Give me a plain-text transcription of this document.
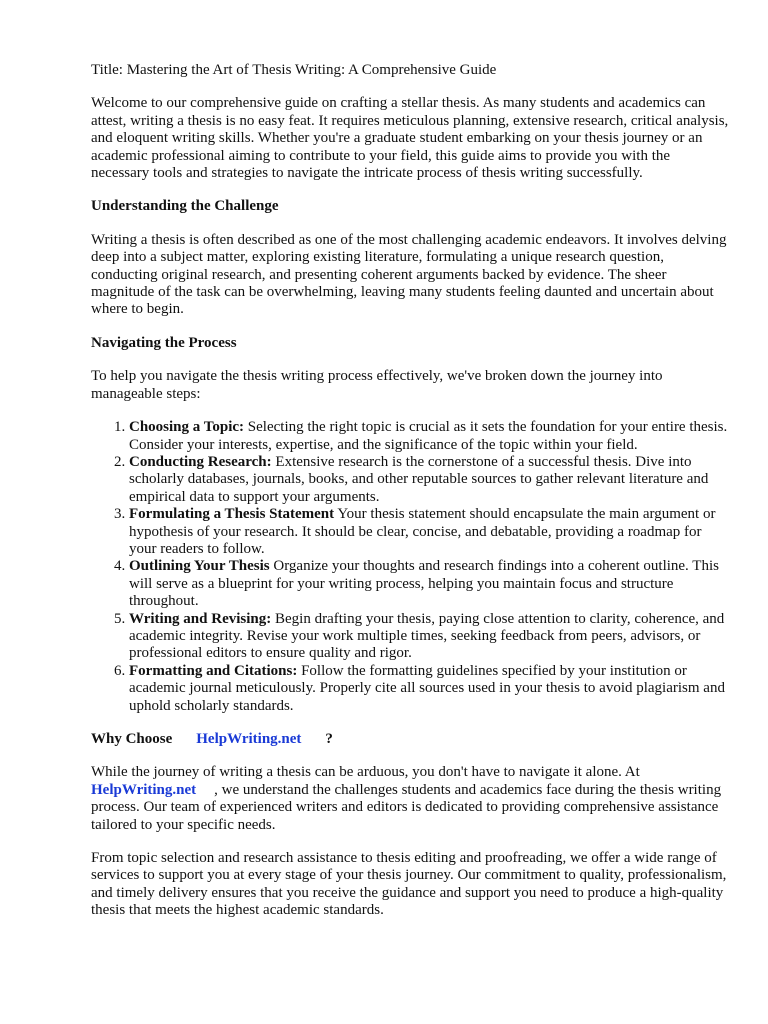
Title: Mastering the Art of Thesis Writing: A Comprehensive Guide

Welcome to our comprehensive guide on crafting a stellar thesis. As many students and academics can attest, writing a thesis is no easy feat. It requires meticulous planning, extensive research, critical analysis, and eloquent writing skills. Whether you're a graduate student embarking on your thesis journey or an academic professional aiming to contribute to your field, this guide aims to provide you with the necessary tools and strategies to navigate the intricate process of thesis writing successfully.

Understanding the Challenge

Writing a thesis is often described as one of the most challenging academic endeavors. It involves delving deep into a subject matter, exploring existing literature, formulating a unique research question, conducting original research, and presenting coherent arguments backed by evidence. The sheer magnitude of the task can be overwhelming, leaving many students feeling daunted and uncertain about where to begin.

Navigating the Process

To help you navigate the thesis writing process effectively, we've broken down the journey into manageable steps:

1. Choosing a Topic: Selecting the right topic is crucial as it sets the foundation for your entire thesis. Consider your interests, expertise, and the significance of the topic within your field.
2. Conducting Research: Extensive research is the cornerstone of a successful thesis. Dive into scholarly databases, journals, books, and other reputable sources to gather relevant literature and empirical data to support your arguments.
3. Formulating a Thesis Statement Your thesis statement should encapsulate the main argument or hypothesis of your research. It should be clear, concise, and debatable, providing a roadmap for your readers to follow.
4. Outlining Your Thesis Organize your thoughts and research findings into a coherent outline. This will serve as a blueprint for your writing process, helping you maintain focus and structure throughout.
5. Writing and Revising: Begin drafting your thesis, paying close attention to clarity, coherence, and academic integrity. Revise your work multiple times, seeking feedback from peers, advisors, or professional editors to ensure quality and rigor.
6. Formatting and Citations: Follow the formatting guidelines specified by your institution or academic journal meticulously. Properly cite all sources used in your thesis to avoid plagiarism and uphold scholarly standards.
Why Choose HelpWriting.net ?

While the journey of writing a thesis can be arduous, you don't have to navigate it alone. At HelpWriting.net , we understand the challenges students and academics face during the thesis writing process. Our team of experienced writers and editors is dedicated to providing comprehensive assistance tailored to your specific needs.

From topic selection and research assistance to thesis editing and proofreading, we offer a wide range of services to support you at every stage of your thesis journey. Our commitment to quality, professionalism, and timely delivery ensures that you receive the guidance and support you need to produce a high-quality thesis that meets the highest academic standards.
